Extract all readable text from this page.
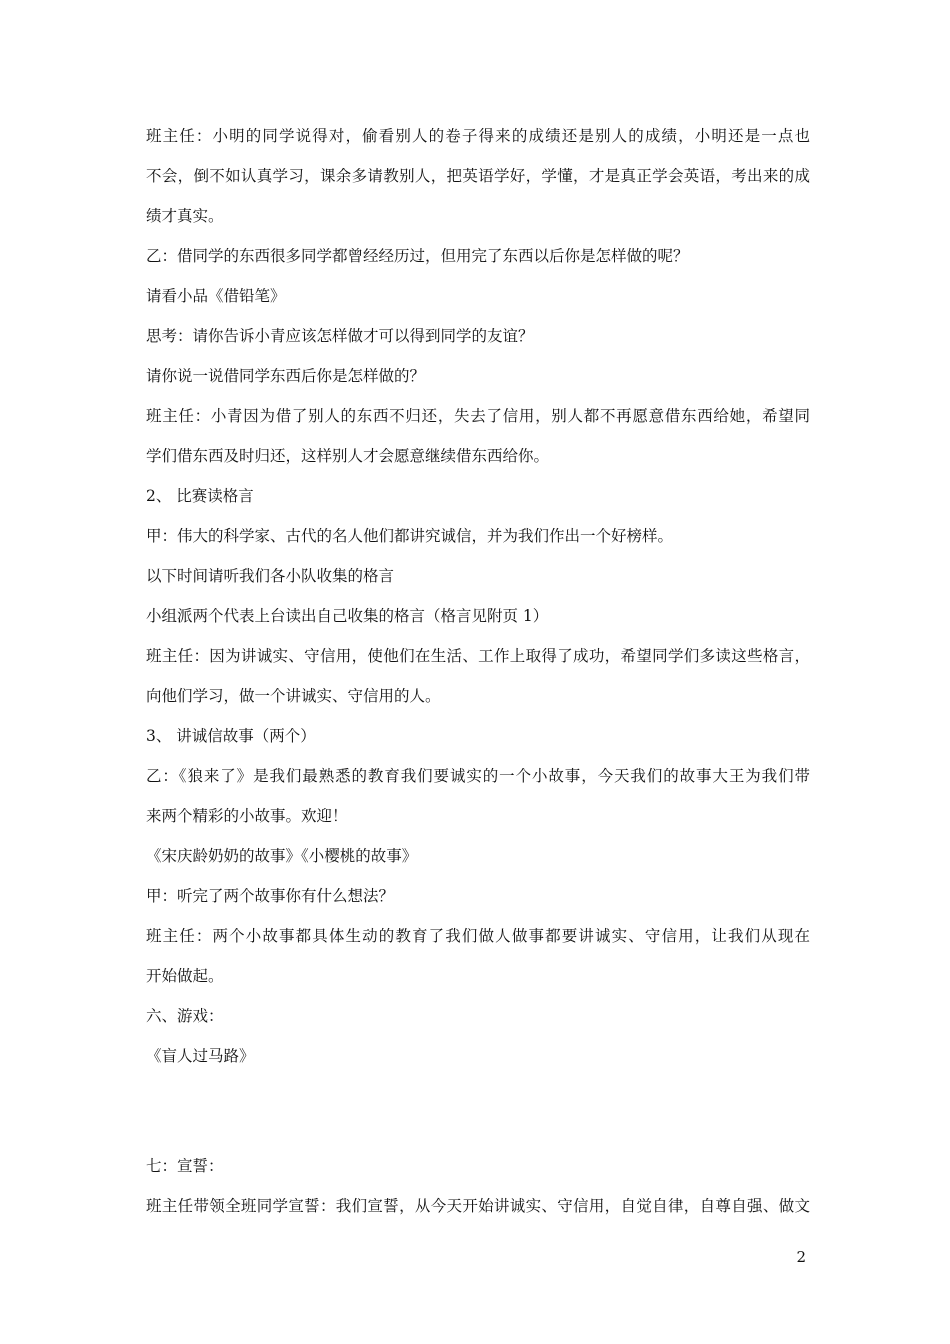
班主任：小明的同学说得对，偷看别人的卷子得来的成绩还是别人的成绩，小明还是一点也
不会，倒不如认真学习，课余多请教别人，把英语学好，学懂，才是真正学会英语，考出来的成
绩才真实。
乙：借同学的东西很多同学都曾经经历过，但用完了东西以后你是怎样做的呢？
请看小品《借铅笔》
思考：请你告诉小青应该怎样做才可以得到同学的友谊？
请你说一说借同学东西后你是怎样做的？
班主任：小青因为借了别人的东西不归还，失去了信用，别人都不再愿意借东西给她，希望同
学们借东西及时归还，这样别人才会愿意继续借东西给你。
2、 比赛读格言
甲：伟大的科学家、古代的名人他们都讲究诚信，并为我们作出一个好榜样。
以下时间请听我们各小队收集的格言
小组派两个代表上台读出自己收集的格言（格言见附页 1）
班主任：因为讲诚实、守信用，使他们在生活、工作上取得了成功，希望同学们多读这些格言，
向他们学习，做一个讲诚实、守信用的人。
3、 讲诚信故事（两个）
乙：《狼来了》是我们最熟悉的教育我们要诚实的一个小故事，今天我们的故事大王为我们带
来两个精彩的小故事。欢迎！
《宋庆龄奶奶的故事》《小樱桃的故事》
甲：听完了两个故事你有什么想法？
班主任：两个小故事都具体生动的教育了我们做人做事都要讲诚实、守信用，让我们从现在
开始做起。
六、游戏：
《盲人过马路》
七：宣誓：
班主任带领全班同学宣誓：我们宣誓，从今天开始讲诚实、守信用，自觉自律，自尊自强、做文
2
